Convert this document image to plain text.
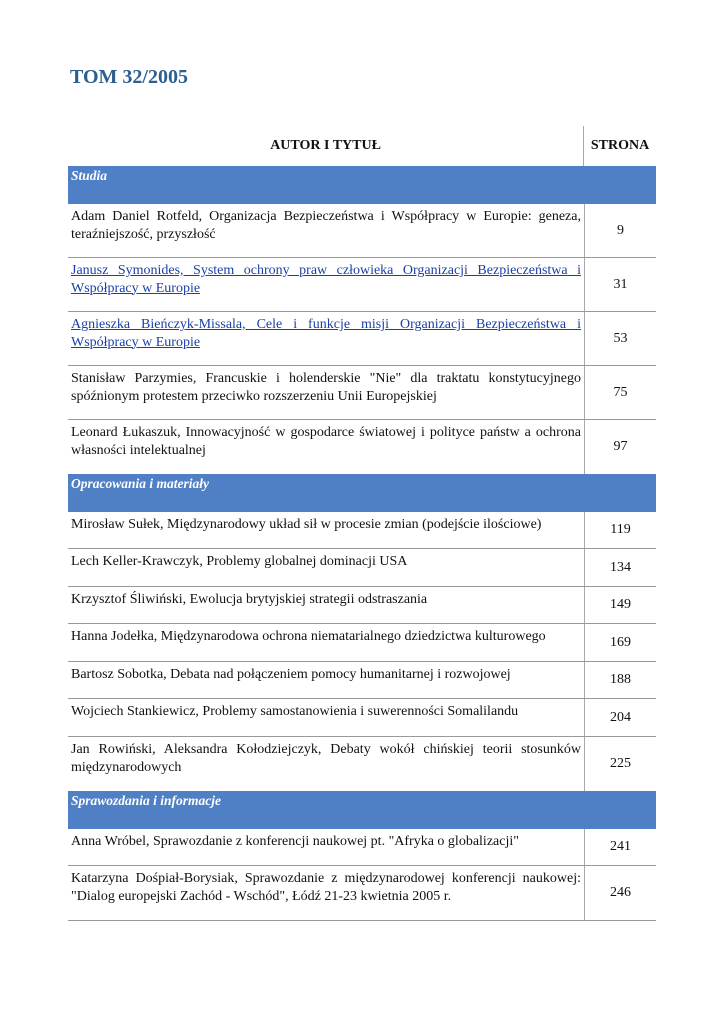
TOM 32/2005
AUTOR I TYTUŁ	STRONA
Studia
Adam Daniel Rotfeld, Organizacja Bezpieczeństwa i Współpracy w Europie: geneza, teraźniejszość, przyszłość	9
Janusz Symonides, System ochrony praw człowieka Organizacji Bezpieczeństwa i Współpracy w Europie	31
Agnieszka Bieńczyk-Missala, Cele i funkcje misji Organizacji Bezpieczeństwa i Współpracy w Europie	53
Stanisław Parzymies, Francuskie i holenderskie "Nie" dla traktatu konstytucyjnego spóźnionym protestem przeciwko rozszerzeniu Unii Europejskiej	75
Leonard Łukaszuk, Innowacyjność w gospodarce światowej i polityce państw a ochrona własności intelektualnej	97
Opracowania i materiały
Mirosław Sułek, Międzynarodowy układ sił w procesie zmian (podejście ilościowe)	119
Lech Keller-Krawczyk, Problemy globalnej dominacji USA	134
Krzysztof Śliwiński, Ewolucja brytyjskiej strategii odstraszania	149
Hanna Jodełka, Międzynarodowa ochrona niematarialnego dziedzictwa kulturowego	169
Bartosz Sobotka, Debata nad połączeniem pomocy humanitarnej i rozwojowej	188
Wojciech Stankiewicz, Problemy samostanowienia i suwerenności Somalilandu	204
Jan Rowiński, Aleksandra Kołodziejczyk, Debaty wokół chińskiej teorii stosunków międzynarodowych	225
Sprawozdania i informacje
Anna Wróbel, Sprawozdanie z konferencji naukowej pt. "Afryka o globalizacji"	241
Katarzyna Dośpiał-Borysiak, Sprawozdanie z międzynarodowej konferencji naukowej: "Dialog europejski Zachód - Wschód", Łódź 21-23 kwietnia 2005 r.	246
